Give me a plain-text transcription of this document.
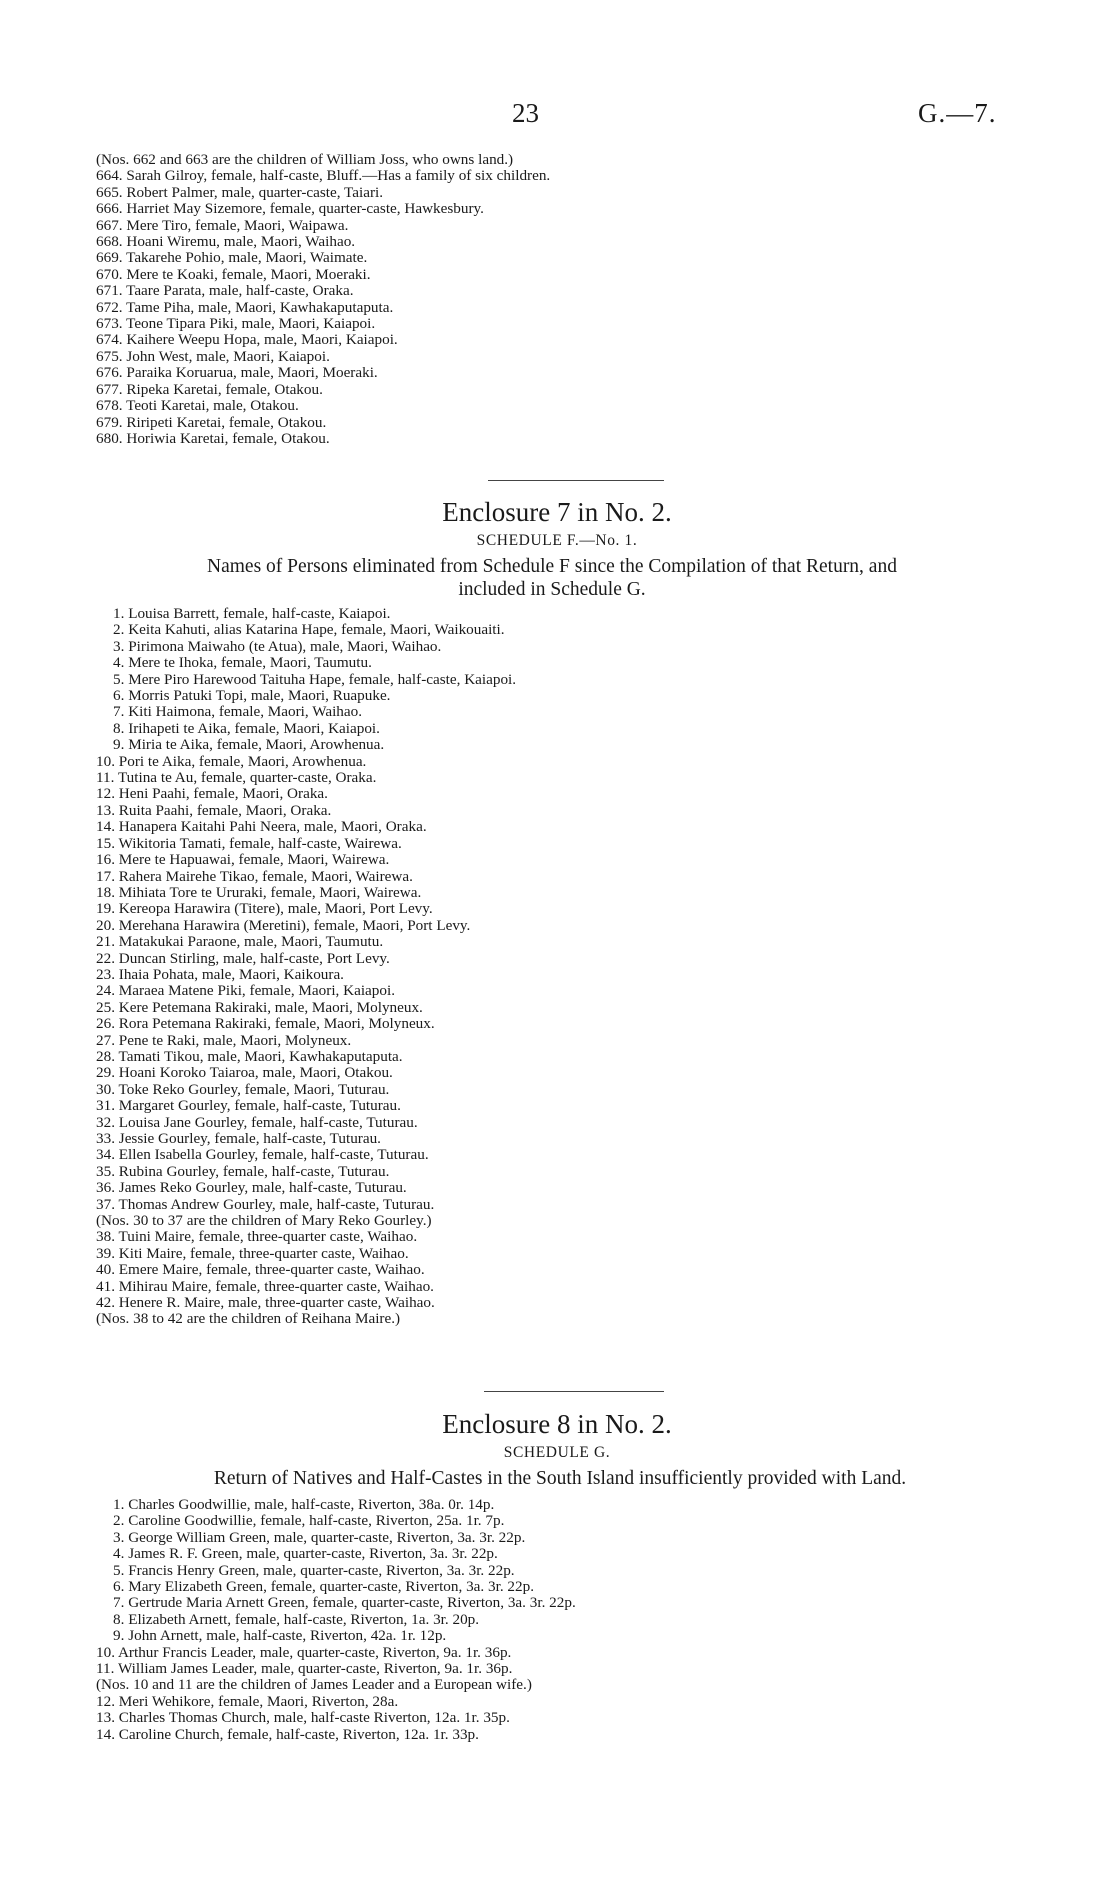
23	G.—7.
(Nos. 662 and 663 are the children of William Joss, who owns land.)
664. Sarah Gilroy, female, half-caste, Bluff.—Has a family of six children.
665. Robert Palmer, male, quarter-caste, Taiari.
666. Harriet May Sizemore, female, quarter-caste, Hawkesbury.
667. Mere Tiro, female, Maori, Waipawa.
668. Hoani Wiremu, male, Maori, Waihao.
669. Takarehe Pohio, male, Maori, Waimate.
670. Mere te Koaki, female, Maori, Moeraki.
671. Taare Parata, male, half-caste, Oraka.
672. Tame Piha, male, Maori, Kawhakaputaputa.
673. Teone Tipara Piki, male, Maori, Kaiapoi.
674. Kaihere Weepu Hopa, male, Maori, Kaiapoi.
675. John West, male, Maori, Kaiapoi.
676. Paraika Koruarua, male, Maori, Moeraki.
677. Ripeka Karetai, female, Otakou.
678. Teoti Karetai, male, Otakou.
679. Riripeti Karetai, female, Otakou.
680. Horiwia Karetai, female, Otakou.
Enclosure 7 in No. 2.
SCHEDULE F.—No. 1.
Names of Persons eliminated from Schedule F since the Compilation of that Return, and
included in Schedule G.
1. Louisa Barrett, female, half-caste, Kaiapoi.
2. Keita Kahuti, alias Katarina Hape, female, Maori, Waikouaiti.
3. Pirimona Maiwaho (te Atua), male, Maori, Waihao.
4. Mere te Ihoka, female, Maori, Taumutu.
5. Mere Piro Harewood Taituha Hape, female, half-caste, Kaiapoi.
6. Morris Patuki Topi, male, Maori, Ruapuke.
7. Kiti Haimona, female, Maori, Waihao.
8. Irihapeti te Aika, female, Maori, Kaiapoi.
9. Miria te Aika, female, Maori, Arowhenua.
10. Pori te Aika, female, Maori, Arowhenua.
11. Tutina te Au, female, quarter-caste, Oraka.
12. Heni Paahi, female, Maori, Oraka.
13. Ruita Paahi, female, Maori, Oraka.
14. Hanapera Kaitahi Pahi Neera, male, Maori, Oraka.
15. Wikitoria Tamati, female, half-caste, Wairewa.
16. Mere te Hapuawai, female, Maori, Wairewa.
17. Rahera Mairehe Tikao, female, Maori, Wairewa.
18. Mihiata Tore te Ururaki, female, Maori, Wairewa.
19. Kereopa Harawira (Titere), male, Maori, Port Levy.
20. Merehana Harawira (Meretini), female, Maori, Port Levy.
21. Matakukai Paraone, male, Maori, Taumutu.
22. Duncan Stirling, male, half-caste, Port Levy.
23. Ihaia Pohata, male, Maori, Kaikoura.
24. Maraea Matene Piki, female, Maori, Kaiapoi.
25. Kere Petemana Rakiraki, male, Maori, Molyneux.
26. Rora Petemana Rakiraki, female, Maori, Molyneux.
27. Pene te Raki, male, Maori, Molyneux.
28. Tamati Tikou, male, Maori, Kawhakaputaputa.
29. Hoani Koroko Taiaroa, male, Maori, Otakou.
30. Toke Reko Gourley, female, Maori, Tuturau.
31. Margaret Gourley, female, half-caste, Tuturau.
32. Louisa Jane Gourley, female, half-caste, Tuturau.
33. Jessie Gourley, female, half-caste, Tuturau.
34. Ellen Isabella Gourley, female, half-caste, Tuturau.
35. Rubina Gourley, female, half-caste, Tuturau.
36. James Reko Gourley, male, half-caste, Tuturau.
37. Thomas Andrew Gourley, male, half-caste, Tuturau.
(Nos. 30 to 37 are the children of Mary Reko Gourley.)
38. Tuini Maire, female, three-quarter caste, Waihao.
39. Kiti Maire, female, three-quarter caste, Waihao.
40. Emere Maire, female, three-quarter caste, Waihao.
41. Mihirau Maire, female, three-quarter caste, Waihao.
42. Henere R. Maire, male, three-quarter caste, Waihao.
(Nos. 38 to 42 are the children of Reihana Maire.)
Enclosure 8 in No. 2.
SCHEDULE G.
Return of Natives and Half-Castes in the South Island insufficiently provided with Land.
1. Charles Goodwillie, male, half-caste, Riverton, 38a. 0r. 14p.
2. Caroline Goodwillie, female, half-caste, Riverton, 25a. 1r. 7p.
3. George William Green, male, quarter-caste, Riverton, 3a. 3r. 22p.
4. James R. F. Green, male, quarter-caste, Riverton, 3a. 3r. 22p.
5. Francis Henry Green, male, quarter-caste, Riverton, 3a. 3r. 22p.
6. Mary Elizabeth Green, female, quarter-caste, Riverton, 3a. 3r. 22p.
7. Gertrude Maria Arnett Green, female, quarter-caste, Riverton, 3a. 3r. 22p.
8. Elizabeth Arnett, female, half-caste, Riverton, 1a. 3r. 20p.
9. John Arnett, male, half-caste, Riverton, 42a. 1r. 12p.
10. Arthur Francis Leader, male, quarter-caste, Riverton, 9a. 1r. 36p.
11. William James Leader, male, quarter-caste, Riverton, 9a. 1r. 36p.
(Nos. 10 and 11 are the children of James Leader and a European wife.)
12. Meri Wehikore, female, Maori, Riverton, 28a.
13. Charles Thomas Church, male, half-caste Riverton, 12a. 1r. 35p.
14. Caroline Church, female, half-caste, Riverton, 12a. 1r. 33p.
